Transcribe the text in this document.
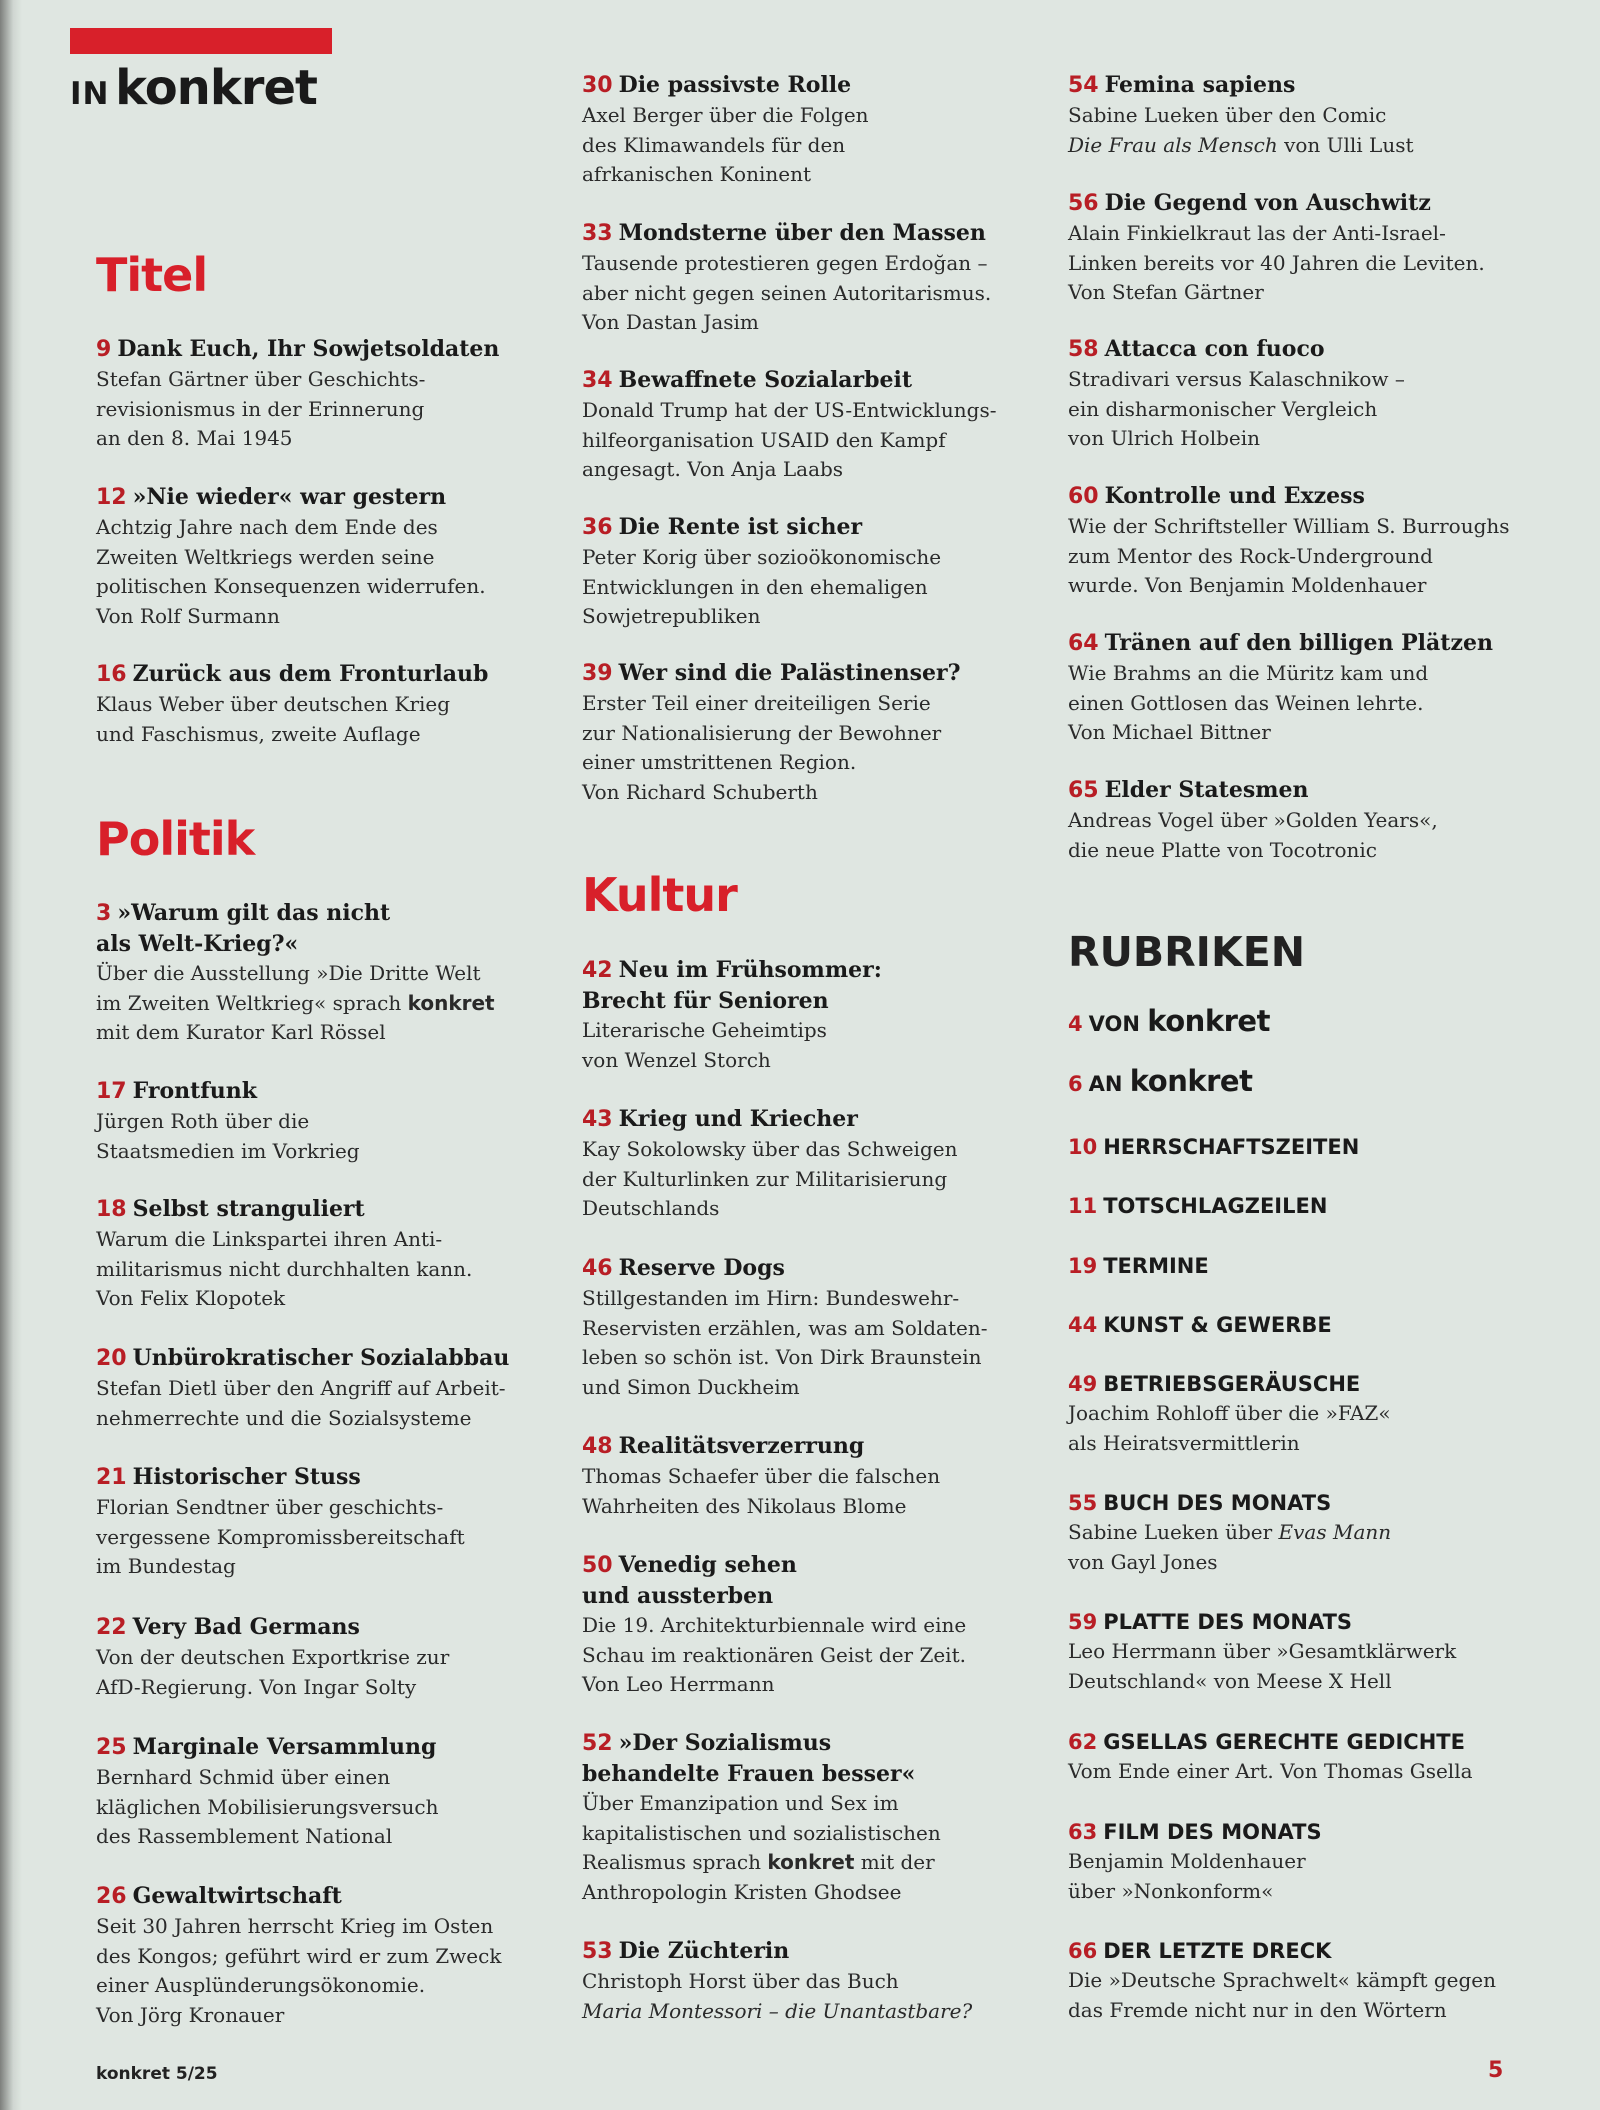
IN konkret
Titel
9 Dank Euch, Ihr Sowjetsoldaten
Stefan Gärtner über Geschichts-
revisionismus in der Erinnerung
an den 8. Mai 1945
12 »Nie wieder« war gestern
Achtzig Jahre nach dem Ende des
Zweiten Weltkriegs werden seine
politischen Konsequenzen widerrufen.
Von Rolf Surmann
16 Zurück aus dem Fronturlaub
Klaus Weber über deutschen Krieg
und Faschismus, zweite Auflage
Politik
3 »Warum gilt das nicht
als Welt-Krieg?«
Über die Ausstellung »Die Dritte Welt
im Zweiten Weltkrieg« sprach konkret
mit dem Kurator Karl Rössel
17 Frontfunk
Jürgen Roth über die
Staatsmedien im Vorkrieg
18 Selbst stranguliert
Warum die Linkspartei ihren Anti-
militarismus nicht durchhalten kann.
Von Felix Klopotek
20 Unbürokratischer Sozialabbau
Stefan Dietl über den Angriff auf Arbeit-
nehmerrechte und die Sozialsysteme
21 Historischer Stuss
Florian Sendtner über geschichts-
vergessene Kompromissbereitschaft
im Bundestag
22 Very Bad Germans
Von der deutschen Exportkrise zur
AfD-Regierung. Von Ingar Solty
25 Marginale Versammlung
Bernhard Schmid über einen
kläglichen Mobilisierungsversuch
des Rassemblement National
26 Gewaltwirtschaft
Seit 30 Jahren herrscht Krieg im Osten
des Kongos; geführt wird er zum Zweck
einer Ausplünderungsökonomie.
Von Jörg Kronauer
30 Die passivste Rolle
Axel Berger über die Folgen
des Klimawandels für den
afrkanischen Koninent
33 Mondsterne über den Massen
Tausende protestieren gegen Erdoğan –
aber nicht gegen seinen Autoritarismus.
Von Dastan Jasim
34 Bewaffnete Sozialarbeit
Donald Trump hat der US-Entwicklungs-
hilfeorganisation USAID den Kampf
angesagt. Von Anja Laabs
36 Die Rente ist sicher
Peter Korig über sozioökonomische
Entwicklungen in den ehemaligen
Sowjetrepubliken
39 Wer sind die Palästinenser?
Erster Teil einer dreiteiligen Serie
zur Nationalisierung der Bewohner
einer umstrittenen Region.
Von Richard Schuberth
Kultur
42 Neu im Frühsommer:
Brecht für Senioren
Literarische Geheimtips
von Wenzel Storch
43 Krieg und Kriecher
Kay Sokolowsky über das Schweigen
der Kulturlinken zur Militarisierung
Deutschlands
46 Reserve Dogs
Stillgestanden im Hirn: Bundeswehr-
Reservisten erzählen, was am Soldaten-
leben so schön ist. Von Dirk Braunstein
und Simon Duckheim
48 Realitätsverzerrung
Thomas Schaefer über die falschen
Wahrheiten des Nikolaus Blome
50 Venedig sehen
und aussterben
Die 19. Architekturbiennale wird eine
Schau im reaktionären Geist der Zeit.
Von Leo Herrmann
52 »Der Sozialismus
behandelte Frauen besser«
Über Emanzipation und Sex im
kapitalistischen und sozialistischen
Realismus sprach konkret mit der
Anthropologin Kristen Ghodsee
53 Die Züchterin
Christoph Horst über das Buch
Maria Montessori – die Unantastbare?
54 Femina sapiens
Sabine Lueken über den Comic
Die Frau als Mensch von Ulli Lust
56 Die Gegend von Auschwitz
Alain Finkielkraut las der Anti-Israel-
Linken bereits vor 40 Jahren die Leviten.
Von Stefan Gärtner
58 Attacca con fuoco
Stradivari versus Kalaschnikow –
ein disharmonischer Vergleich
von Ulrich Holbein
60 Kontrolle und Exzess
Wie der Schriftsteller William S. Burroughs
zum Mentor des Rock-Underground
wurde. Von Benjamin Moldenhauer
64 Tränen auf den billigen Plätzen
Wie Brahms an die Müritz kam und
einen Gottlosen das Weinen lehrte.
Von Michael Bittner
65 Elder Statesmen
Andreas Vogel über »Golden Years«,
die neue Platte von Tocotronic
RUBRIKEN
4 VON konkret
6 AN konkret
10 HERRSCHAFTSZEITEN
11 TOTSCHLAGZEILEN
19 TERMINE
44 KUNST & GEWERBE
49 BETRIEBSGERÄUSCHE
Joachim Rohloff über die »FAZ«
als Heiratsvermittlerin
55 BUCH DES MONATS
Sabine Lueken über Evas Mann
von Gayl Jones
59 PLATTE DES MONATS
Leo Herrmann über »Gesamtklärwerk
Deutschland« von Meese X Hell
62 GSELLAS GERECHTE GEDICHTE
Vom Ende einer Art. Von Thomas Gsella
63 FILM DES MONATS
Benjamin Moldenhauer
über »Nonkonform«
66 DER LETZTE DRECK
Die »Deutsche Sprachwelt« kämpft gegen
das Fremde nicht nur in den Wörtern
konkret 5/25	5
